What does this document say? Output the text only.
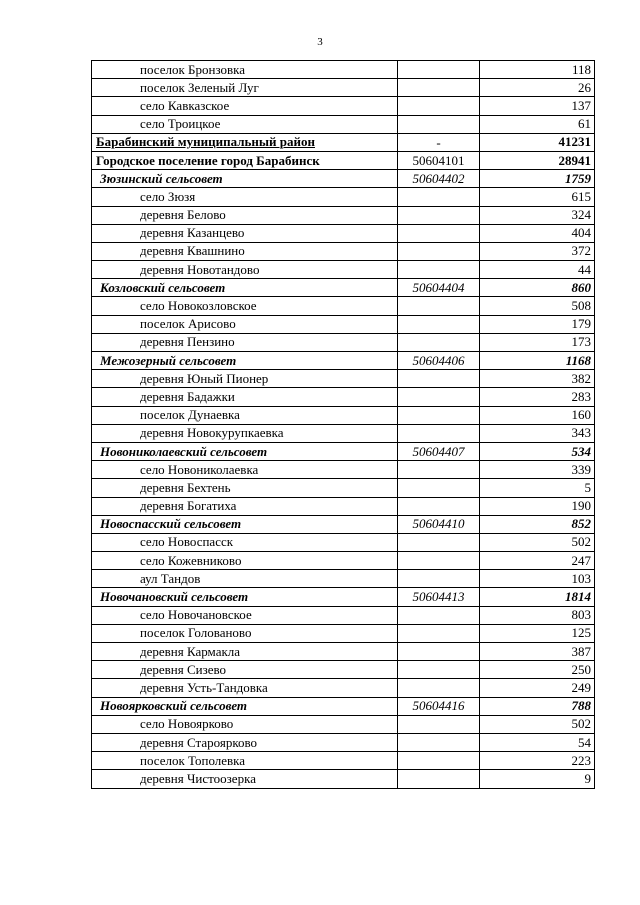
3
поселок Бронзовка		118
поселок Зеленый Луг		26
село Кавказское		137
село Троицкое		61
Барабинский муниципальный район	-	41231
Городское поселение город Барабинск	50604101	28941
Зюзинский сельсовет	50604402	1759
село Зюзя		615
деревня Белово		324
деревня Казанцево		404
деревня Квашнино		372
деревня Новотандово		44
Козловский сельсовет	50604404	860
село Новокозловское		508
поселок Арисово		179
деревня Пензино		173
Межозерный сельсовет	50604406	1168
деревня Юный Пионер		382
деревня Бадажки		283
поселок Дунаевка		160
деревня Новокурупкаевка		343
Новониколаевский сельсовет	50604407	534
село Новониколаевка		339
деревня Бехтень		5
деревня Богатиха		190
Новоспасский сельсовет	50604410	852
село Новоспасск		502
село Кожевниково		247
аул Тандов		103
Новочановский сельсовет	50604413	1814
село Новочановское		803
поселок Голованово		125
деревня Кармакла		387
деревня Сизево		250
деревня Усть-Тандовка		249
Новоярковский сельсовет	50604416	788
село Новоярково		502
деревня Староярково		54
поселок Тополевка		223
деревня Чистоозерка		9
